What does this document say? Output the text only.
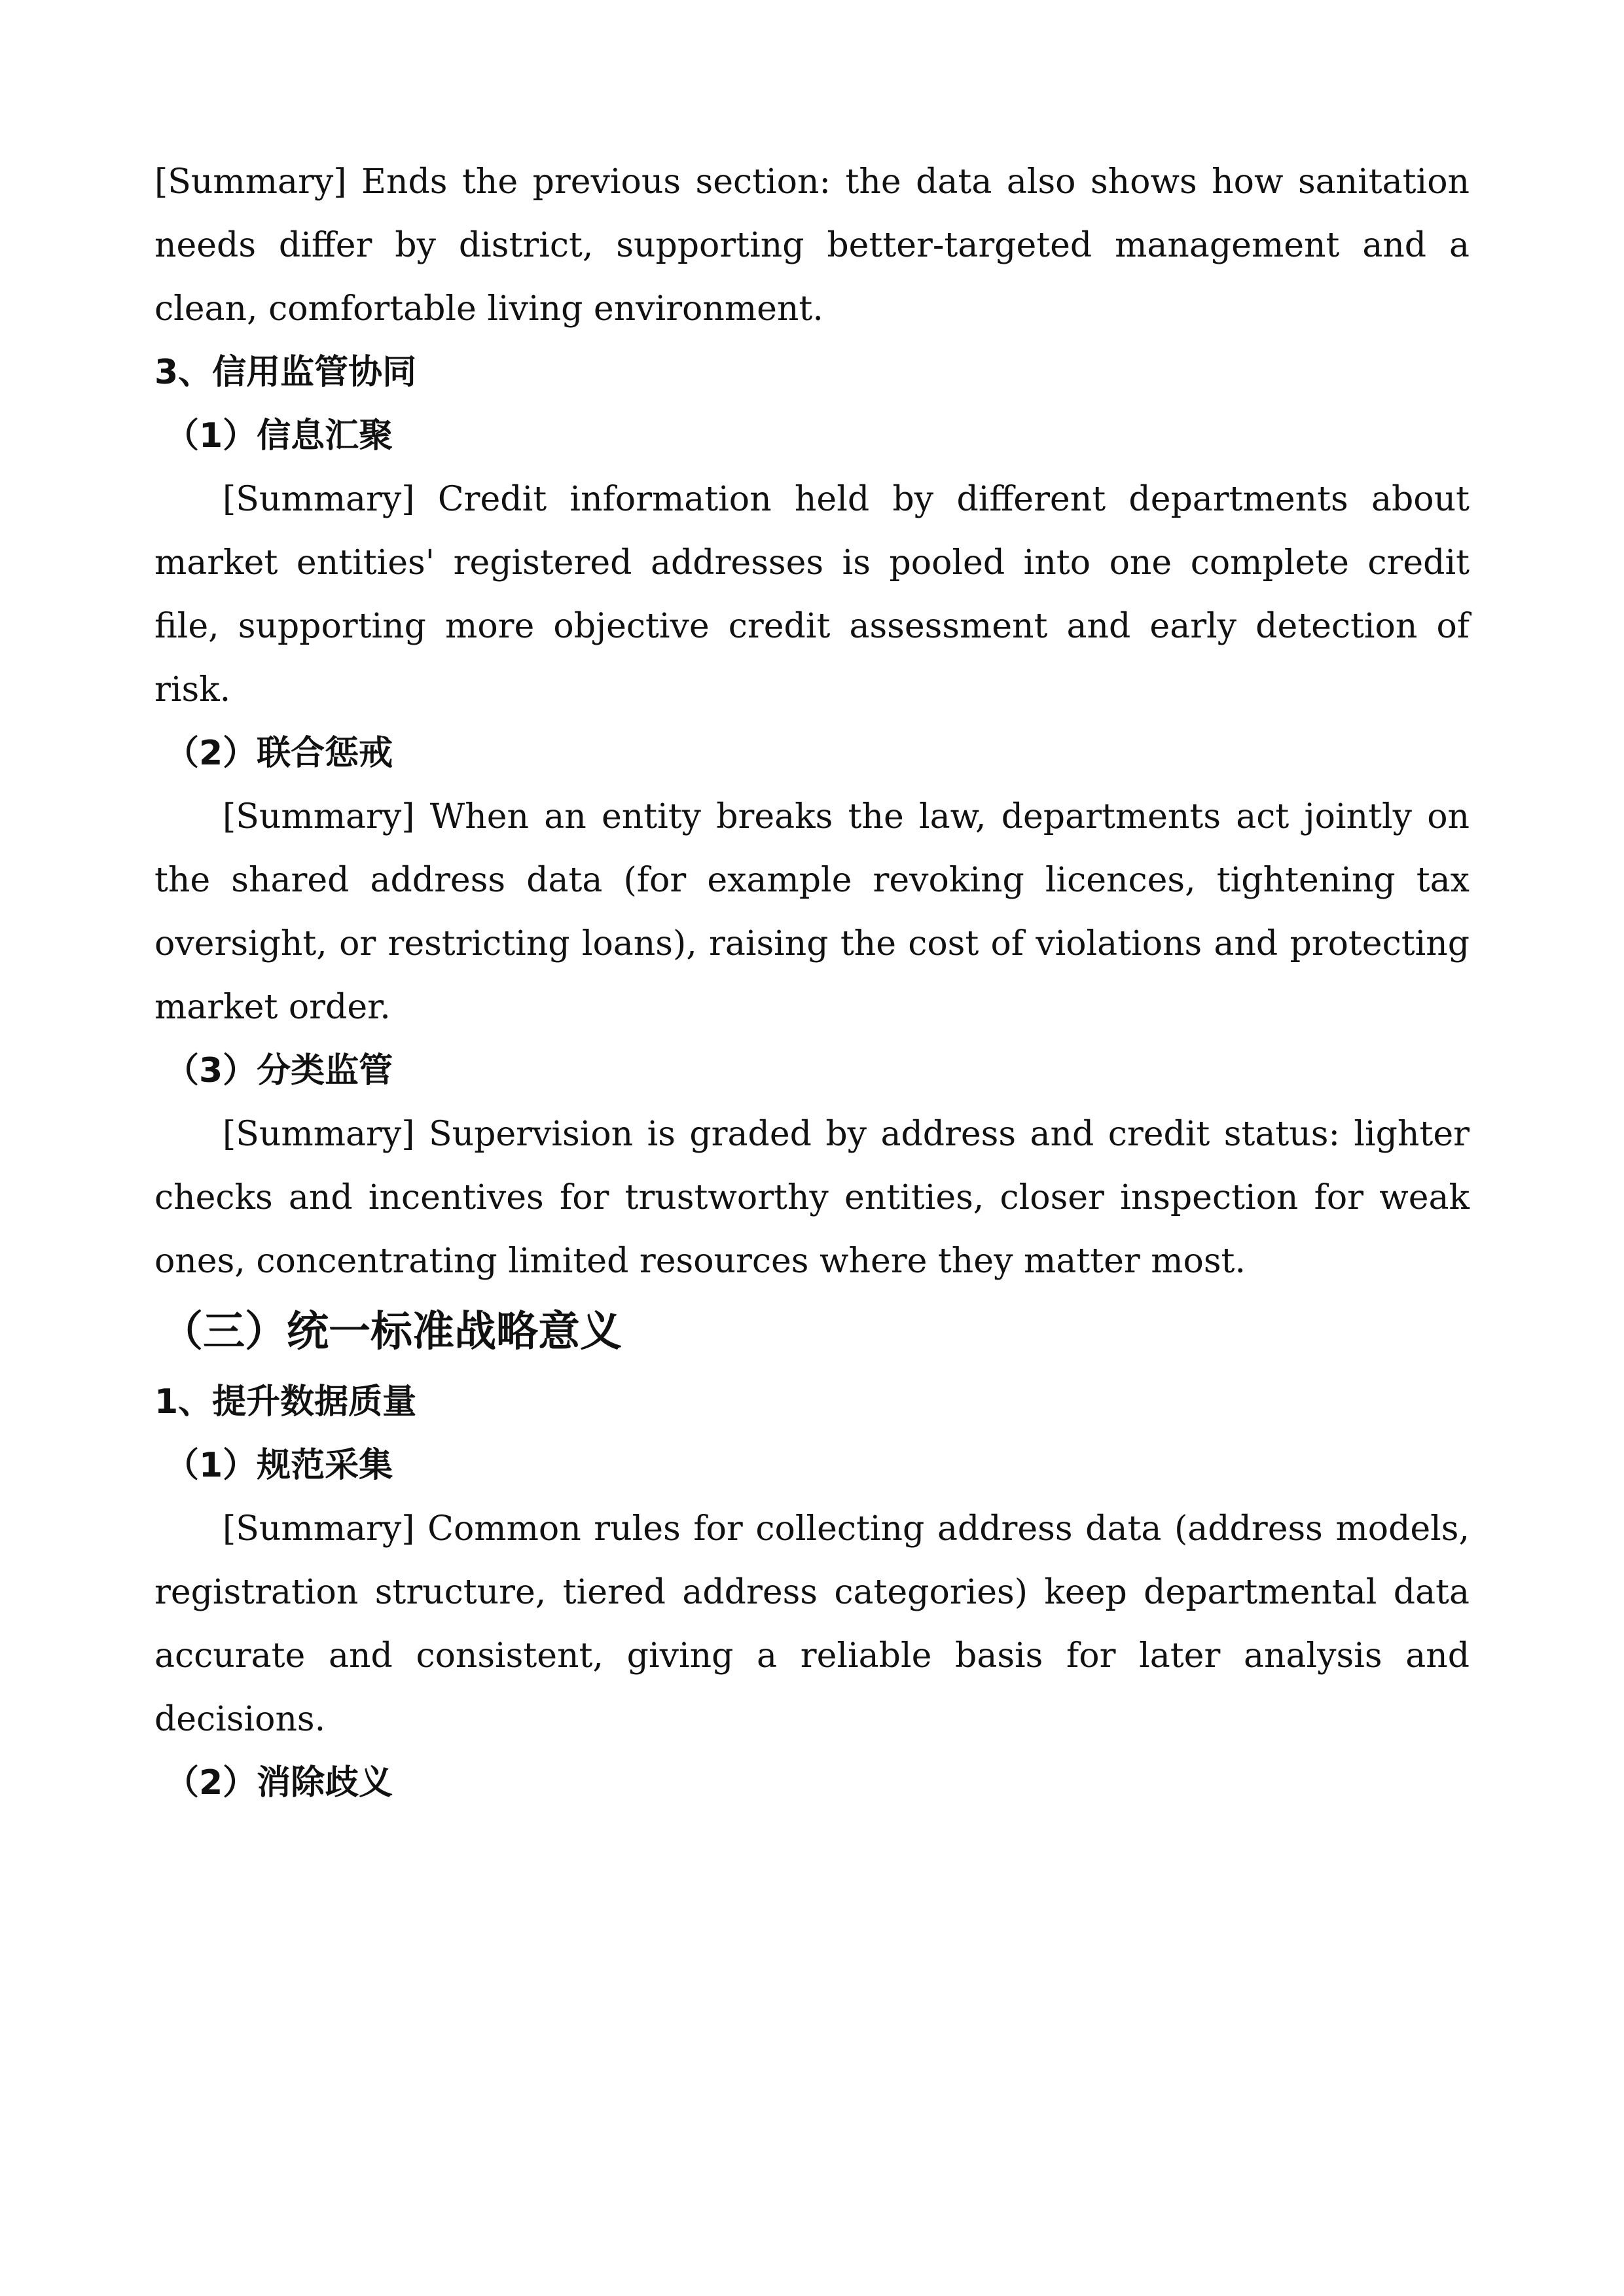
[Summary] Ends the previous section: the data also shows how sanitation needs differ by district, supporting better-targeted management and a clean, comfortable living environment.

3、信用监管协同

（1）信息汇聚

[Summary] Credit information held by different departments about market entities' registered addresses is pooled into one complete credit file, supporting more objective credit assessment and early detection of risk.

（2）联合惩戒

[Summary] When an entity breaks the law, departments act jointly on the shared address data (for example revoking licences, tightening tax oversight, or restricting loans), raising the cost of violations and protecting market order.

（3）分类监管

[Summary] Supervision is graded by address and credit status: lighter checks and incentives for trustworthy entities, closer inspection for weak ones, concentrating limited resources where they matter most.

（三）统一标准战略意义

1、提升数据质量

（1）规范采集

[Summary] Common rules for collecting address data (address models, registration structure, tiered address categories) keep departmental data accurate and consistent, giving a reliable basis for later analysis and decisions.

（2）消除歧义
